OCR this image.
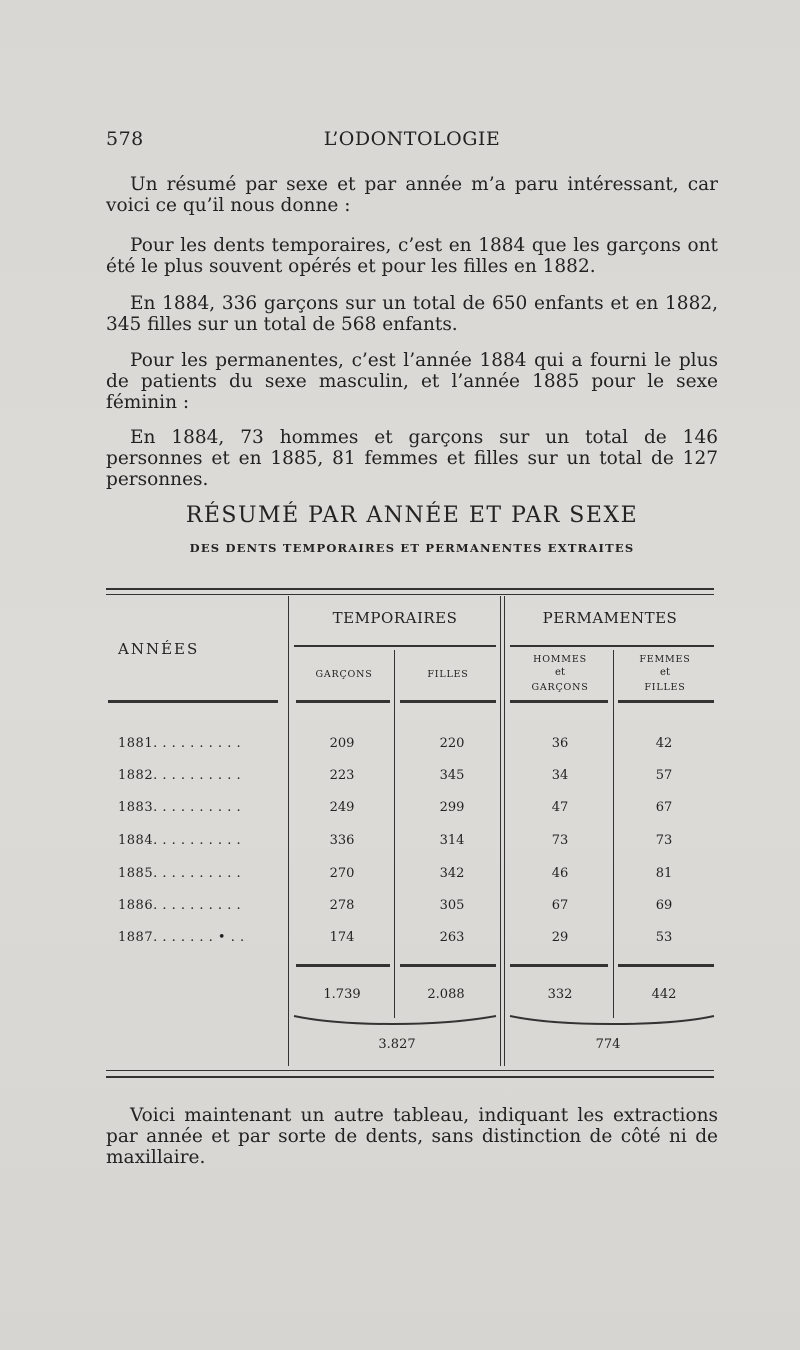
578	L’ODONTOLOGIE
Un résumé par sexe et par année m’a paru intéressant, car voici ce qu’il nous donne :
Pour les dents temporaires, c’est en 1884 que les garçons ont été le plus souvent opérés et pour les filles en 1882.
En 1884, 336 garçons sur un total de 650 enfants et en 1882, 345 filles sur un total de 568 enfants.
Pour les permanentes, c’est l’année 1884 qui a fourni le plus de patients du sexe masculin, et l’année 1885 pour le sexe féminin :
En 1884, 73 hommes et garçons sur un total de 146 personnes et en 1885, 81 femmes et filles sur un total de 127 personnes.
RÉSUMÉ PAR ANNÉE ET PAR SEXE
DES DENTS TEMPORAIRES ET PERMANENTES EXTRAITES
ANNÉES
TEMPORAIRES	PERMAMENTES
GARÇONS	FILLES
HOMMES
et
GARÇONS
FEMMES
et
FILLES
1881. . . . . . . . . .	209	220	36	42
1882. . . . . . . . . .	223	345	34	57
1883. . . . . . . . . .	249	299	47	67
1884. . . . . . . . . .	336	314	73	73
1885. . . . . . . . . .	270	342	46	81
1886. . . . . . . . . .	278	305	67	69
1887. . . . . . . • . .	174	263	29	53
1.739	2.088	332	442
3.827	774
Voici maintenant un autre tableau, indiquant les extractions par année et par sorte de dents, sans distinction de côté ni de maxillaire.
